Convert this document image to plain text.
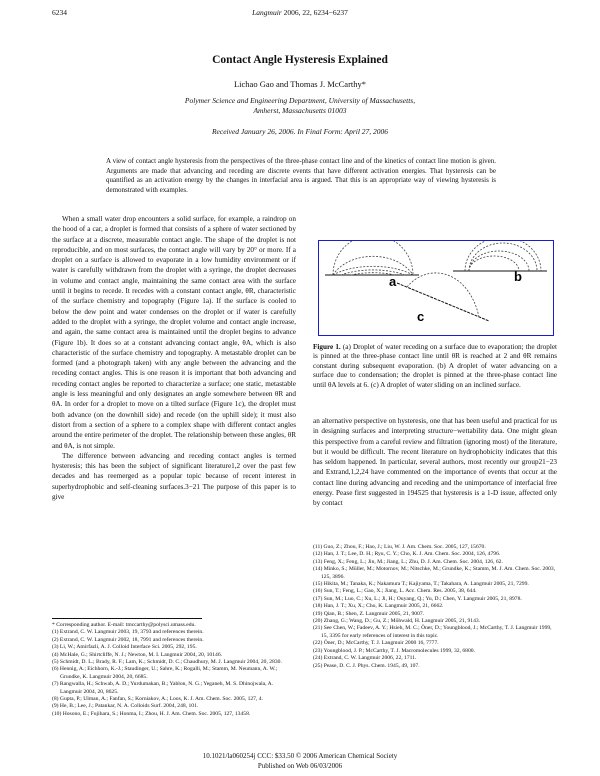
6234	Langmuir 2006, 22, 6234−6237
Contact Angle Hysteresis Explained
Lichao Gao and Thomas J. McCarthy*
Polymer Science and Engineering Department, University of Massachusetts,
Amherst, Massachusetts 01003
Received January 26, 2006. In Final Form: April 27, 2006
A view of contact angle hysteresis from the perspectives of the three-phase contact line and of the kinetics of contact line motion is given. Arguments are made that advancing and receding are discrete events that have different activation energies. That hysteresis can be quantified as an activation energy by the changes in interfacial area is argued. That this is an appropriate way of viewing hysteresis is demonstrated with examples.

When a small water drop encounters a solid surface, for example, a raindrop on the hood of a car, a droplet is formed that consists of a sphere of water sectioned by the surface at a discrete, measurable contact angle. The shape of the droplet is not reproducible, and on most surfaces, the contact angle will vary by 20° or more. If a droplet on a surface is allowed to evaporate in a low humidity environment or if water is carefully withdrawn from the droplet with a syringe, the droplet decreases in volume and contact angle, maintaining the same contact area with the surface until it begins to recede. It recedes with a constant contact angle, θR, characteristic of the surface chemistry and topography (Figure 1a). If the surface is cooled to below the dew point and water condenses on the droplet or if water is carefully added to the droplet with a syringe, the droplet volume and contact angle increase, and again, the same contact area is maintained until the droplet begins to advance (Figure 1b). It does so at a constant advancing contact angle, θA, which is also characteristic of the surface chemistry and topography. A metastable droplet can be formed (and a photograph taken) with any angle between the advancing and the receding contact angles. This is one reason it is important that both advancing and receding contact angles be reported to characterize a surface; one static, metastable angle is less meaningful and only designates an angle somewhere between θR and θA. In order for a droplet to move on a tilted surface (Figure 1c), the droplet must both advance (on the downhill side) and recede (on the uphill side); it must also distort from a section of a sphere to a complex shape with different contact angles around the entire perimeter of the droplet. The relationship between these angles, θR and θA, is not simple.

The difference between advancing and receding contact angles is termed hysteresis; this has been the subject of significant literature1,2 over the past few decades and has reemerged as a popular topic because of recent interest in superhydrophobic and self-cleaning surfaces.3−21 The purpose of this paper is to give

a	b
c
Figure 1. (a) Droplet of water receding on a surface due to evaporation; the droplet is pinned at the three-phase contact line until θR is reached at 2 and θR remains constant during subsequent evaporation. (b) A droplet of water advancing on a surface due to condensation; the droplet is pinned at the three-phase contact line until θA levels at 6. (c) A droplet of water sliding on an inclined surface.

an alternative perspective on hysteresis, one that has been useful and practical for us in designing surfaces and interpreting structure−wettability data. One might glean this perspective from a careful review and filtration (ignoring most) of the literature, but it would be difficult. The recent literature on hydrophobicity indicates that this has seldom happened. In particular, several authors, most recently our group21−23 and Extrand,1,2,24 have commented on the importance of events that occur at the contact line during advancing and receding and the unimportance of interfacial free energy. Pease first suggested in 194525 that hysteresis is a 1-D issue, affected only by contact

* Corresponding author. E-mail: tmccarthy@polysci.umass.edu.
(1) Extrand, C. W. Langmuir 2003, 19, 3793 and references therein.
(2) Extrand, C. W. Langmuir 2002, 18, 7991 and references therein.
(3) Li, W.; Amirfazli, A. J. Colloid Interface Sci. 2005, 292, 195.
(4) McHale, G.; Shirtcliffe, N. J.; Newton, M. I. Langmuir 2004, 20, 10146.
(5) Schmidt, D. L.; Brady, R. F.; Lam, K.; Schmidt, D. C.; Chaudhury, M. J. Langmuir 2004, 20, 2830.
(6) Hennig, A.; Eichhorn, K.-J.; Staudinger, U.; Sahre, K.; Rogalli, M.; Stamm, M. Neumann, A. W.; Grundke, K. Langmuir 2004, 20, 6685.
(7) Rangwalla, H.; Schwab, A. D.; Yurdumakan, B.; Yablon, N. G.; Yeganeh, M. S. Dhinojwala, A. Langmuir 2004, 20, 8625.
(8) Gupta, P.; Ulman, A.; Fanfan, S.; Korniakov, A.; Loos, K. J. Am. Chem. Soc. 2005, 127, 4.
(9) He, B.; Lee, J.; Patankar, N. A. Colloids Surf. 2004, 248, 101.
(10) Hosono, E.; Fujihara, S.; Honma, I.; Zhou, H. J. Am. Chem. Soc. 2005, 127, 13458.
(11) Guo, Z.; Zhou, F.; Hao, J.; Liu, W. J. Am. Chem. Soc. 2005, 127, 15670.
(12) Han, J. T.; Lee, D. H.; Ryu, C. Y.; Cho, K. J. Am. Chem. Soc. 2004, 126, 4796.
(13) Feng, X.; Feng, L.; Jin, M.; Jiang, L.; Zhu, D. J. Am. Chem. Soc. 2004, 126, 62.
(14) Minko, S.; Müller, M.; Motornov, M.; Nitschke, M.; Grundke, K.; Stamm, M. J. Am. Chem. Soc. 2003, 125, 3896.
(15) Hikita, M.; Tanaka, K.; Nakamura T.; Kajiyama, T.; Takahara, A. Langmuir 2005, 21, 7299.
(16) Sun, T.; Feng, L.; Gao, X.; Jiang, L. Acc. Chem. Res. 2005, 38, 644.
(17) Sun, M.; Luo, C.; Xu, L.; Ji, H.; Ouyang, Q.; Yu, D.; Chen, Y. Langmuir 2005, 21, 8978.
(18) Han, J. T.; Xu, X.; Cho, K. Langmuir 2005, 21, 6662.
(19) Qian, B.; Shen, Z. Langmuir 2005, 21, 9007.
(20) Zhang, G.; Wang, D.; Gu, Z.; Möhwald, H. Langmuir 2005, 21, 9143.
(21) See Chen, W.; Fadeev, A. Y.; Hsieh, M. C.; Öner, D.; Youngblood, J.; McCarthy, T. J. Langmuir 1999, 15, 3395 for early references of interest in this topic.
(22) Öner, D.; McCarthy, T. J. Langmuir 2000 16, 7777.
(23) Youngblood, J. P.; McCarthy, T. J. Macromolecules 1999, 32, 6800.
(24) Extrand, C. W. Langmuir 2006, 22, 1711.
(25) Pease, D. C. J. Phys. Chem. 1945, 49, 107.
10.1021/la060254j CCC: $33.50 © 2006 American Chemical Society
Published on Web 06/03/2006
